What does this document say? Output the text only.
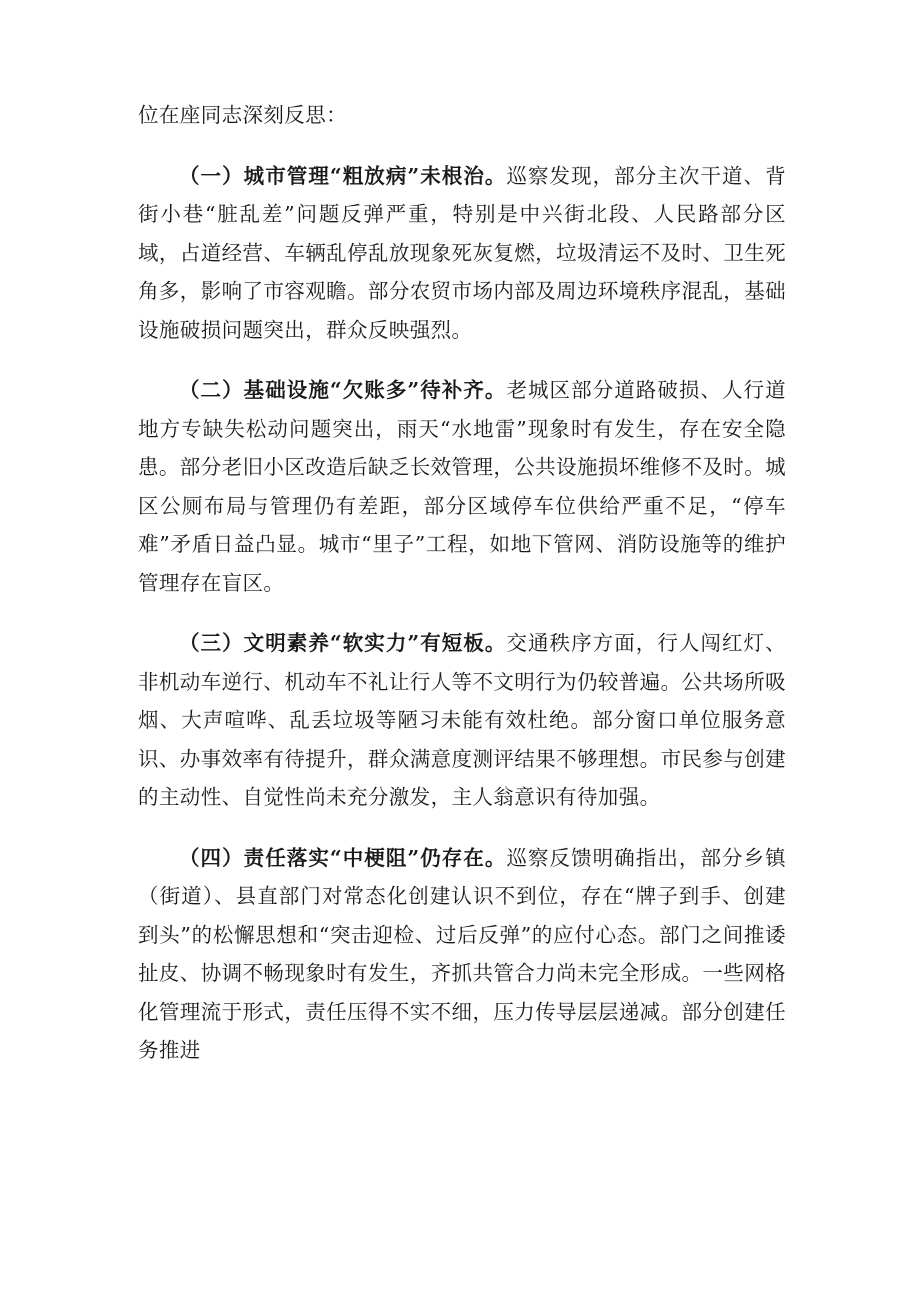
位在座同志深刻反思：

（一）城市管理“粗放病”未根治。巡察发现，部分主次干道、背街小巷“脏乱差”问题反弹严重，特别是中兴街北段、人民路部分区域，占道经营、车辆乱停乱放现象死灰复燃，垃圾清运不及时、卫生死角多，影响了市容观瞻。部分农贸市场内部及周边环境秩序混乱，基础设施破损问题突出，群众反映强烈。

（二）基础设施“欠账多”待补齐。老城区部分道路破损、人行道地方专缺失松动问题突出，雨天“水地雷”现象时有发生，存在安全隐患。部分老旧小区改造后缺乏长效管理，公共设施损坏维修不及时。城区公厕布局与管理仍有差距，部分区域停车位供给严重不足，“停车难”矛盾日益凸显。城市“里子”工程，如地下管网、消防设施等的维护管理存在盲区。

（三）文明素养“软实力”有短板。交通秩序方面，行人闯红灯、非机动车逆行、机动车不礼让行人等不文明行为仍较普遍。公共场所吸烟、大声喧哗、乱丢垃圾等陋习未能有效杜绝。部分窗口单位服务意识、办事效率有待提升，群众满意度测评结果不够理想。市民参与创建的主动性、自觉性尚未充分激发，主人翁意识有待加强。

（四）责任落实“中梗阻”仍存在。巡察反馈明确指出，部分乡镇（街道）、县直部门对常态化创建认识不到位，存在“牌子到手、创建到头”的松懈思想和“突击迎检、过后反弹”的应付心态。部门之间推诿扯皮、协调不畅现象时有发生，齐抓共管合力尚未完全形成。一些网格化管理流于形式，责任压得不实不细，压力传导层层递减。部分创建任务推进
